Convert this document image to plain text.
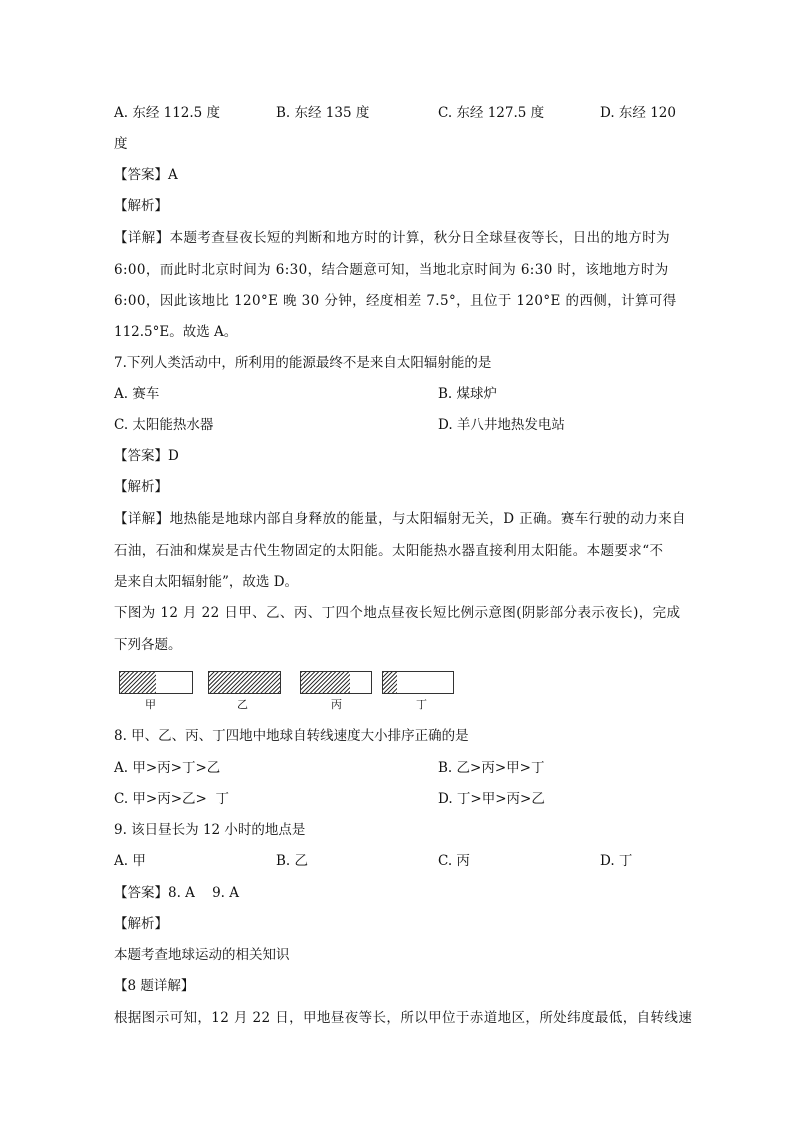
A. 东经 112.5 度	B. 东经 135 度	C. 东经 127.5 度	D. 东经 120
度
【答案】A
【解析】
【详解】本题考查昼夜长短的判断和地方时的计算，秋分日全球昼夜等长，日出的地方时为
6:00，而此时北京时间为 6:30，结合题意可知，当地北京时间为 6:30 时，该地地方时为
6:00，因此该地比 120°E 晚 30 分钟，经度相差 7.5°，且位于 120°E 的西侧，计算可得
112.5°E。故选 A。
7.下列人类活动中，所利用的能源最终不是来自太阳辐射能的是
A. 赛车	B. 煤球炉
C. 太阳能热水器	D. 羊八井地热发电站
【答案】D
【解析】
【详解】地热能是地球内部自身释放的能量，与太阳辐射无关，D 正确。赛车行驶的动力来自
石油，石油和煤炭是古代生物固定的太阳能。太阳能热水器直接利用太阳能。本题要求“不
是来自太阳辐射能”，故选 D。
下图为 12 月 22 日甲、乙、丙、丁四个地点昼夜长短比例示意图(阴影部分表示夜长)，完成
下列各题。
甲	乙	丙	丁
8. 甲、乙、丙、丁四地中地球自转线速度大小排序正确的是
A. 甲>丙>丁>乙	B. 乙>丙>甲>丁
C. 甲>丙>乙>  丁	D. 丁>甲>丙>乙
9. 该日昼长为 12 小时的地点是
A. 甲	B. 乙	C. 丙	D. 丁
【答案】8. A    9. A
【解析】
本题考查地球运动的相关知识
【8 题详解】
根据图示可知，12 月 22 日，甲地昼夜等长，所以甲位于赤道地区，所处纬度最低，自转线速
